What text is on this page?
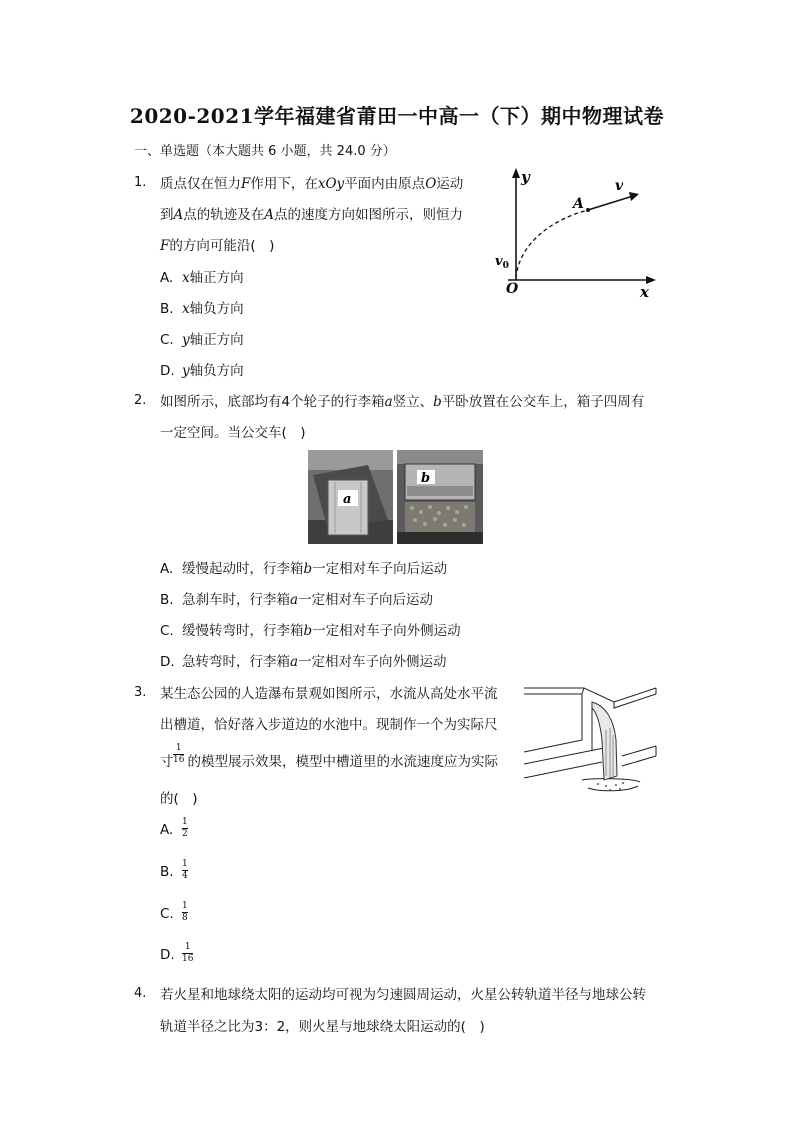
2020-2021学年福建省莆田一中高一（下）期中物理试卷
一、单选题（本大题共 6 小题，共 24.0 分）
1. 质点仅在恒力F作用下，在xOy平面内由原点O运动
到A点的轨迹及在A点的速度方向如图所示，则恒力
F的方向可能沿(　)
A. x轴正方向
B. x轴负方向
C. y轴正方向
D. y轴负方向
y
x
O
$v_0$
A
v
2. 如图所示，底部均有4个轮子的行李箱a竖立、b平卧放置在公交车上，箱子四周有
一定空间。当公交车(　)
a
b
A. 缓慢起动时，行李箱b一定相对车子向后运动
B. 急刹车时，行李箱a一定相对车子向后运动
C. 缓慢转弯时，行李箱b一定相对车子向外侧运动
D. 急转弯时，行李箱a一定相对车子向外侧运动
3. 某生态公园的人造瀑布景观如图所示，水流从高处水平流
出槽道，恰好落入步道边的水池中。现制作一个为实际尺
寸 的模型展示效果，模型中槽道里的水流速度应为实际
1
16
的(　)
A. 1
2
B. 1
4
C. 1
8
D.	1
16
4. 若火星和地球绕太阳的运动均可视为匀速圆周运动，火星公转轨道半径与地球公转
轨道半径之比为3：2，则火星与地球绕太阳运动的(　)
